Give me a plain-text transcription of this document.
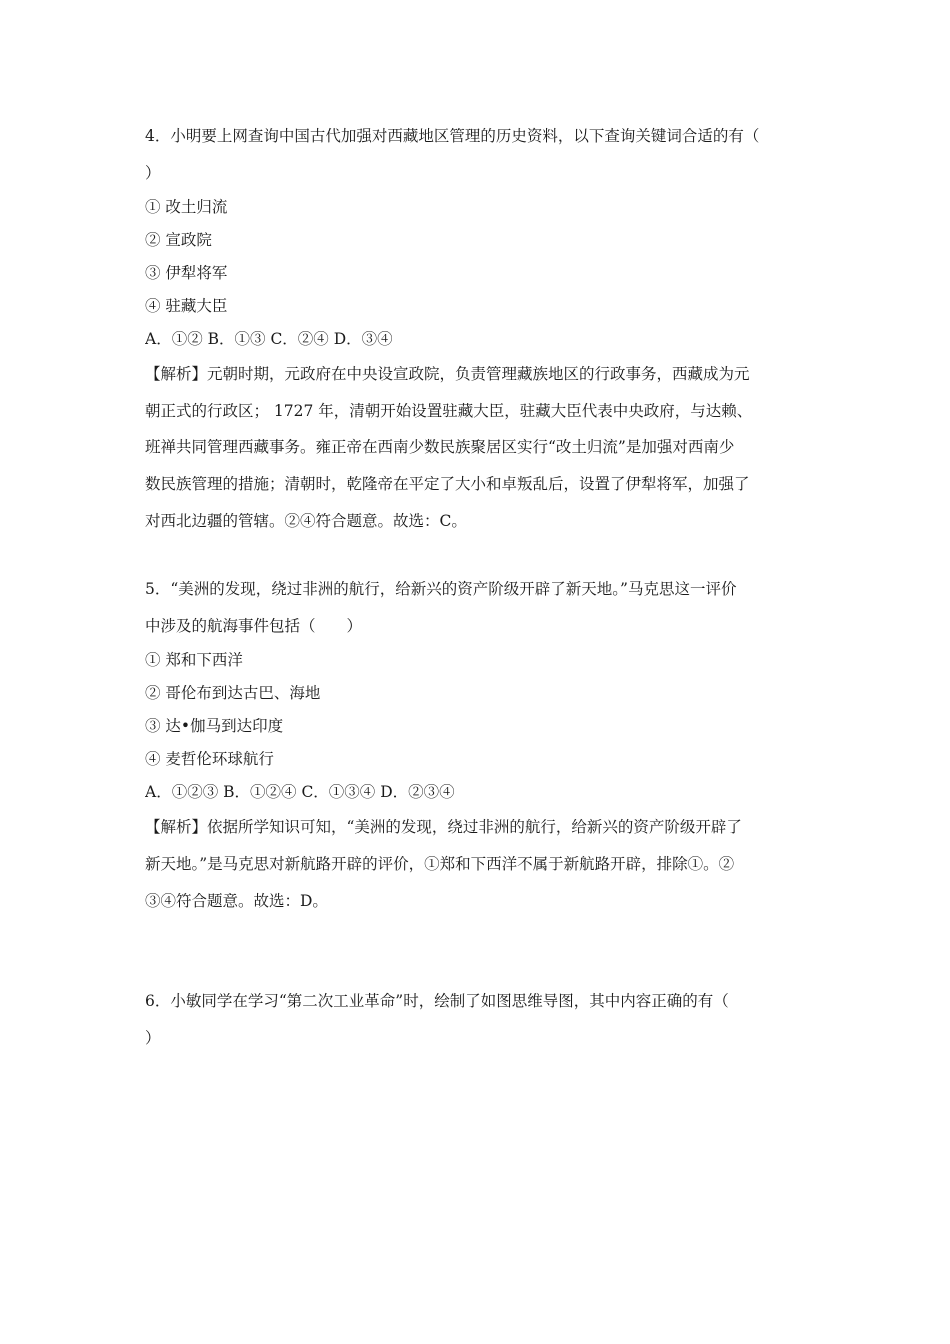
4．小明要上网查询中国古代加强对西藏地区管理的历史资料，以下查询关键词合适的有（
）
① 改土归流
② 宣政院
③ 伊犁将军
④ 驻藏大臣
A．①② B．①③ C．②④ D．③④
【解析】元朝时期，元政府在中央设宣政院，负责管理藏族地区的行政事务，西藏成为元
朝正式的行政区； 1727 年，清朝开始设置驻藏大臣，驻藏大臣代表中央政府，与达赖、
班禅共同管理西藏事务。雍正帝在西南少数民族聚居区实行“改土归流”是加强对西南少
数民族管理的措施；清朝时，乾隆帝在平定了大小和卓叛乱后，设置了伊犁将军，加强了
对西北边疆的管辖。②④符合题意。故选：C。
5．“美洲的发现，绕过非洲的航行，给新兴的资产阶级开辟了新天地。”马克思这一评价
中涉及的航海事件包括（　　）
① 郑和下西洋
② 哥伦布到达古巴、海地
③ 达•伽马到达印度
④ 麦哲伦环球航行
A．①②③ B．①②④ C．①③④ D．②③④
【解析】依据所学知识可知，“美洲的发现，绕过非洲的航行，给新兴的资产阶级开辟了
新天地。”是马克思对新航路开辟的评价，①郑和下西洋不属于新航路开辟，排除①。②
③④符合题意。故选：D。
6．小敏同学在学习“第二次工业革命”时，绘制了如图思维导图，其中内容正确的有（
）
